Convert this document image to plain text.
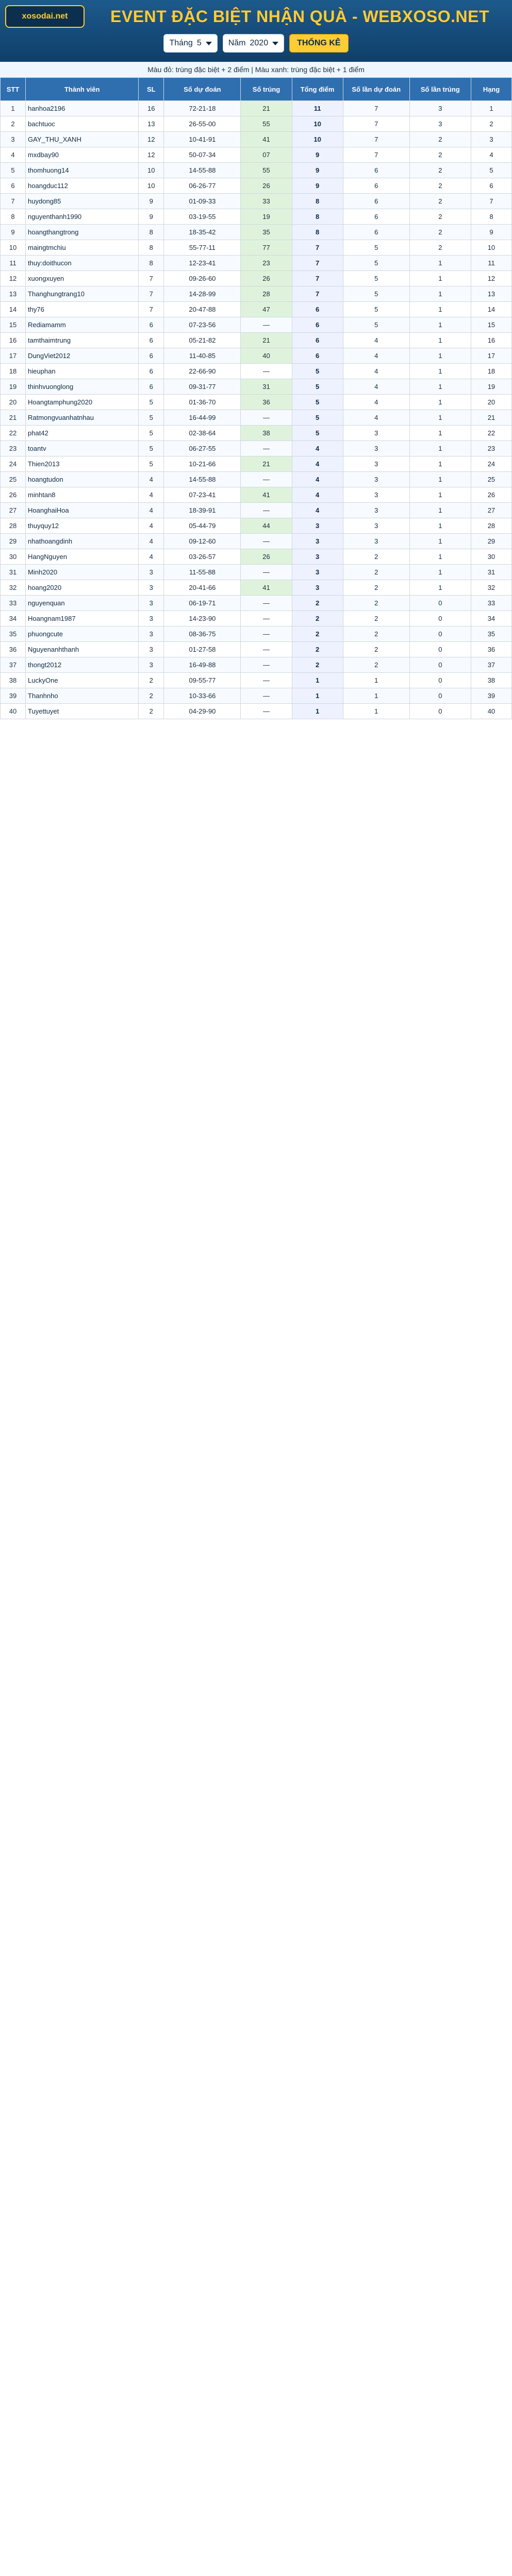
xosodai.net	EVENT ĐẶC BIỆT NHẬN QUÀ - WEBXOSO.NET
Tháng 5	Năm 2020	THỐNG KÊ
Màu đỏ: trùng đặc biệt + 2 điểm | Màu xanh: trùng đặc biệt + 1 điểm
STT	Thành viên	SL	Số dự đoán	Số trúng	Tổng điểm	Số lần dự đoán	Số lần trúng	Hạng
1	hanhoa2196	16	72-21-18	21	11	7	3	1
2	bachtuoc	13	26-55-00	55	10	7	3	2
3	GAY_THU_XANH	12	10-41-91	41	10	7	2	3
4	mxdbay90	12	50-07-34	07	9	7	2	4
5	thomhuong14	10	14-55-88	55	9	6	2	5
6	hoangduc112	10	06-26-77	26	9	6	2	6
7	huydong85	9	01-09-33	33	8	6	2	7
8	nguyenthanh1990	9	03-19-55	19	8	6	2	8
9	hoangthangtrong	8	18-35-42	35	8	6	2	9
10	maingtmchiu	8	55-77-11	77	7	5	2	10
11	thuy:doithucon	8	12-23-41	23	7	5	1	11
12	xuongxuyen	7	09-26-60	26	7	5	1	12
13	Thanghungtrang10	7	14-28-99	28	7	5	1	13
14	thy76	7	20-47-88	47	6	5	1	14
15	Rediamamm	6	07-23-56	—	6	5	1	15
16	tamthaimtrung	6	05-21-82	21	6	4	1	16
17	DungViet2012	6	11-40-85	40	6	4	1	17
18	hieuphan	6	22-66-90	—	5	4	1	18
19	thinhvuonglong	6	09-31-77	31	5	4	1	19
20	Hoangtamphung2020	5	01-36-70	36	5	4	1	20
21	Ratmongvuanhatnhau	5	16-44-99	—	5	4	1	21
22	phat42	5	02-38-64	38	5	3	1	22
23	toantv	5	06-27-55	—	4	3	1	23
24	Thien2013	5	10-21-66	21	4	3	1	24
25	hoangtudon	4	14-55-88	—	4	3	1	25
26	minhtan8	4	07-23-41	41	4	3	1	26
27	HoanghaiHoa	4	18-39-91	—	4	3	1	27
28	thuyquy12	4	05-44-79	44	3	3	1	28
29	nhathoangdinh	4	09-12-60	—	3	3	1	29
30	HangNguyen	4	03-26-57	26	3	2	1	30
31	Minh2020	3	11-55-88	—	3	2	1	31
32	hoang2020	3	20-41-66	41	3	2	1	32
33	nguyenquan	3	06-19-71	—	2	2	0	33
34	Hoangnam1987	3	14-23-90	—	2	2	0	34
35	phuongcute	3	08-36-75	—	2	2	0	35
36	Nguyenanhthanh	3	01-27-58	—	2	2	0	36
37	thongt2012	3	16-49-88	—	2	2	0	37
38	LuckyOne	2	09-55-77	—	1	1	0	38
39	Thanhnho	2	10-33-66	—	1	1	0	39
40	Tuyettuyet	2	04-29-90	—	1	1	0	40
